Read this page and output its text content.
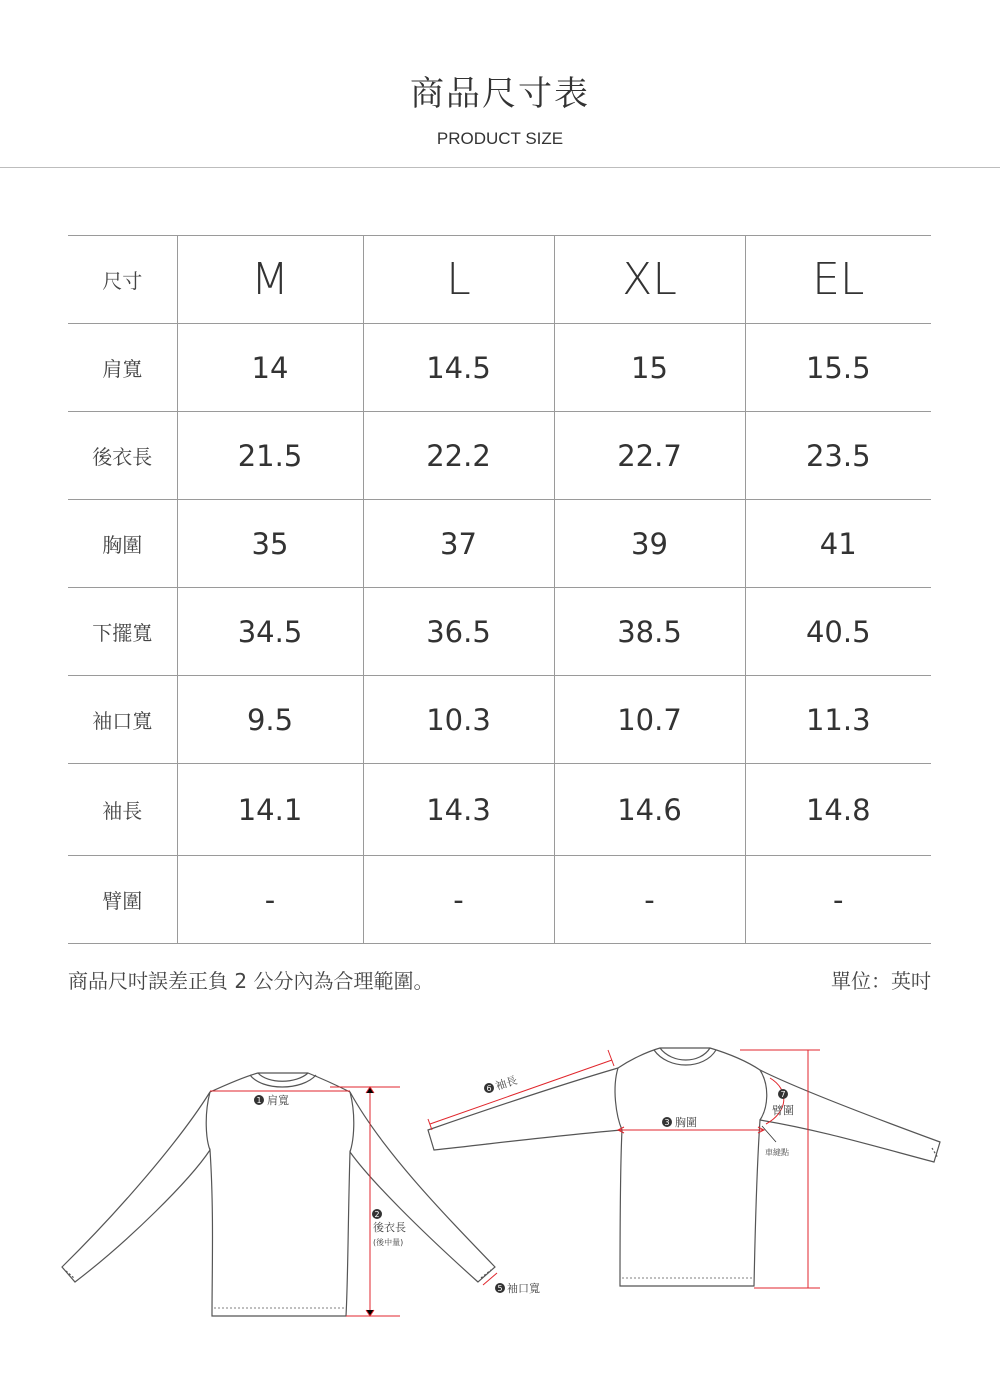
商品尺寸表
PRODUCT SIZE
尺寸	M	L	XL	EL
肩寬	14	14.5	15	15.5
後衣長	21.5	22.2	22.7	23.5
胸圍	35	37	39	41
下擺寬	34.5	36.5	38.5	40.5
袖口寬	9.5	10.3	10.7	11.3
袖長	14.1	14.3	14.6	14.8
臂圍	-	-	-	-
商品尺吋誤差正負 2 公分內為合理範圍。	單位：英吋
1 肩寬
2
後衣長
(後中量)
5 袖口寬
6 袖長
3 胸圍
7
臂圍
車縫點
